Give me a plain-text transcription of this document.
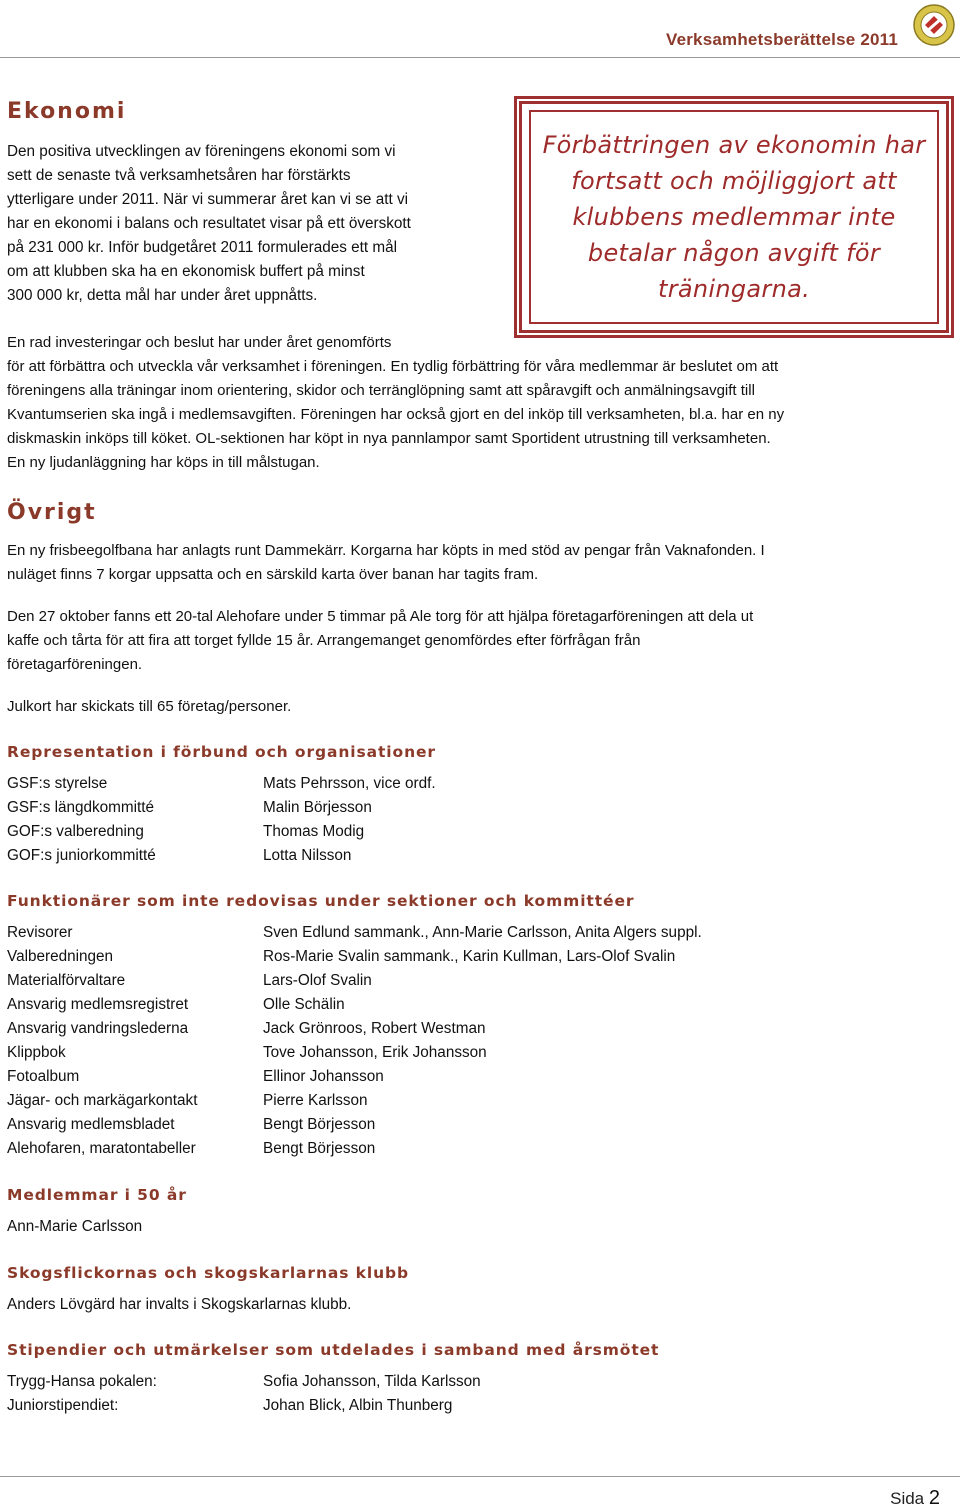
Verksamhetsberättelse 2011
Ekonomi
Den positiva utvecklingen av föreningens ekonomi som vi
sett de senaste två verksamhetsåren har förstärkts
ytterligare under 2011. När vi summerar året kan vi se att vi
har en ekonomi i balans och resultatet visar på ett överskott
på 231 000 kr. Inför budgetåret 2011 formulerades ett mål
om att klubben ska ha en ekonomisk buffert på minst
300 000 kr, detta mål har under året uppnåtts.
Förbättringen av ekonomin har
fortsatt och möjliggjort att
klubbens medlemmar inte
betalar någon avgift för
träningarna.
En rad investeringar och beslut har under året genomförts
för att förbättra och utveckla vår verksamhet i föreningen. En tydlig förbättring för våra medlemmar är beslutet om att
föreningens alla träningar inom orientering, skidor och terränglöpning samt att spåravgift och anmälningsavgift till
Kvantumserien ska ingå i medlemsavgiften. Föreningen har också gjort en del inköp till verksamheten, bl.a. har en ny
diskmaskin inköps till köket. OL-sektionen har köpt in nya pannlampor samt Sportident utrustning till verksamheten.
En ny ljudanläggning har köps in till målstugan.
Övrigt
En ny frisbeegolfbana har anlagts runt Dammekärr. Korgarna har köpts in med stöd av pengar från Vaknafonden. I
nuläget finns 7 korgar uppsatta och en särskild karta över banan har tagits fram.
Den 27 oktober fanns ett 20-tal Alehofare under 5 timmar på Ale torg för att hjälpa företagarföreningen att dela ut
kaffe och tårta för att fira att torget fyllde 15 år. Arrangemanget genomfördes efter förfrågan från
företagarföreningen.
Julkort har skickats till 65 företag/personer.
Representation i förbund och organisationer
GSF:s styrelse	Mats Pehrsson, vice ordf.
GSF:s längdkommitté	Malin Börjesson
GOF:s valberedning	Thomas Modig
GOF:s juniorkommitté	Lotta Nilsson
Funktionärer som inte redovisas under sektioner och kommittéer
Revisorer	Sven Edlund sammank., Ann-Marie Carlsson, Anita Algers suppl.
Valberedningen	Ros-Marie Svalin sammank., Karin Kullman, Lars-Olof Svalin
Materialförvaltare	Lars-Olof Svalin
Ansvarig medlemsregistret	Olle Schälin
Ansvarig vandringslederna	Jack Grönroos, Robert Westman
Klippbok	Tove Johansson, Erik Johansson
Fotoalbum	Ellinor Johansson
Jägar- och markägarkontakt	Pierre Karlsson
Ansvarig medlemsbladet	Bengt Börjesson
Alehofaren, maratontabeller	Bengt Börjesson
Medlemmar i 50 år
Ann-Marie Carlsson
Skogsflickornas och skogskarlarnas klubb
Anders Lövgärd har invalts i Skogskarlarnas klubb.
Stipendier och utmärkelser som utdelades i samband med årsmötet
Trygg-Hansa pokalen:	Sofia Johansson, Tilda Karlsson
Juniorstipendiet:	Johan Blick, Albin Thunberg
Sida 2
